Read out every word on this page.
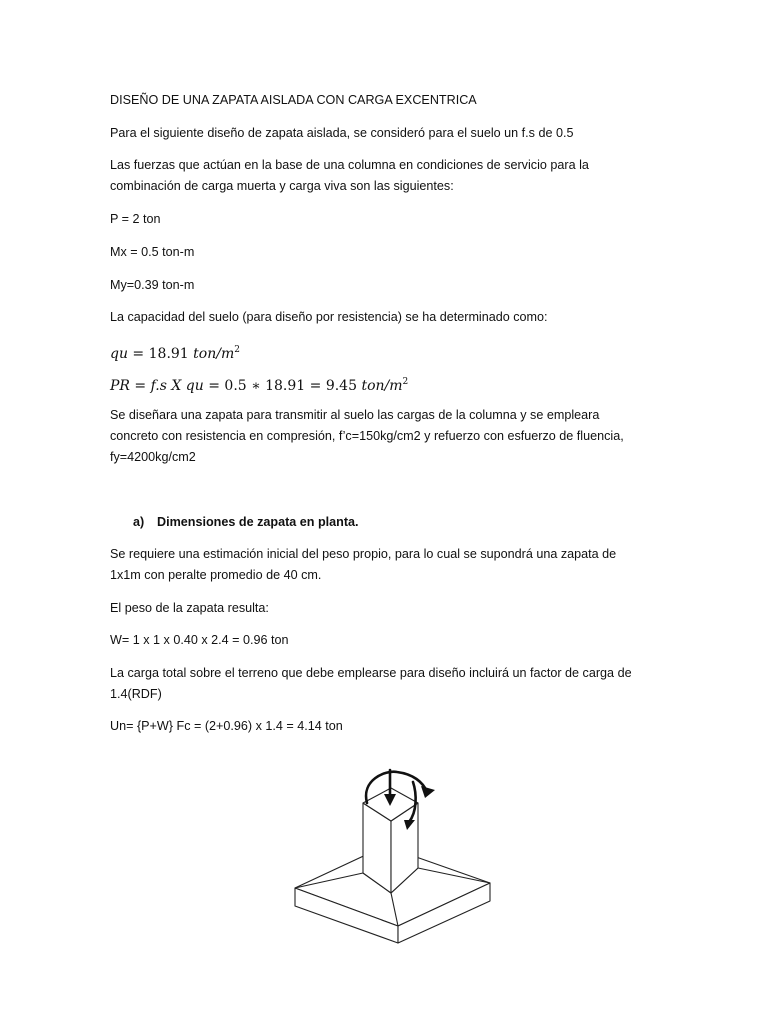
DISEÑO DE UNA ZAPATA AISLADA CON CARGA EXCENTRICA

Para el siguiente diseño de zapata aislada, se consideró para el suelo un f.s de 0.5

Las fuerzas que actúan en la base de una columna en condiciones de servicio para la

combinación de carga muerta y carga viva son las siguientes:

P = 2 ton

Mx = 0.5 ton-m

My=0.39 ton-m

La capacidad del suelo (para diseño por resistencia) se ha determinado como:

qu = 18.91 ton/$m^2$
PR = f.s X qu = 0.5 ∗ 18.91 = 9.45 ton/$m^2$

Se diseñara una zapata para transmitir al suelo las cargas de la columna y se empleara

concreto con resistencia en compresión, f’c=150kg/cm2 y refuerzo con esfuerzo de fluencia,

fy=4200kg/cm2

a) Dimensiones de zapata en planta.

Se requiere una estimación inicial del peso propio, para lo cual se supondrá una zapata de

1x1m con peralte promedio de 40 cm.

El peso de la zapata resulta:

W= 1 x 1 x 0.40 x 2.4 = 0.96 ton

La carga total sobre el terreno que debe emplearse para diseño incluirá un factor de carga de

1.4(RDF)

Un= {P+W} Fc = (2+0.96) x 1.4 = 4.14 ton
